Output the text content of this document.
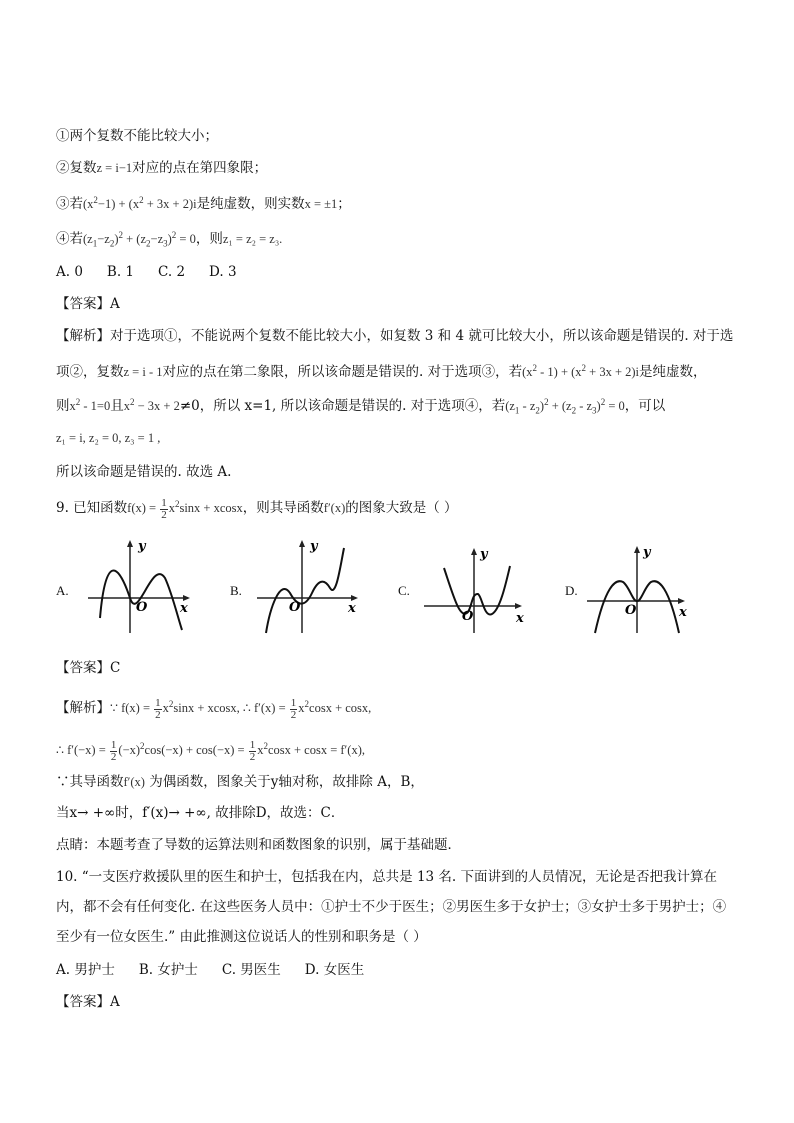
①两个复数不能比较大小；
②复数z = i−1对应的点在第四象限；
③若$(x^2-1) + (x^2 + 3x + 2)i$是纯虚数，则实数x = ±1；
④若$(z_1-z_2)^2 + (z_2-z_3)^2 = 0$，则z₁ = z₂ = z₃.
A. 0 B. 1 C. 2 D. 3
【答案】A
【解析】对于选项①，不能说两个复数不能比较大小，如复数 3 和 4 就可比较大小，所以该命题是错误的. 对于选
项②，复数z = i - 1对应的点在第二象限，所以该命题是错误的. 对于选项③，若$(x^2 - 1) + (x^2 + 3x + 2)i$是纯虚数，
则$x^2 - 1=0$且$x^2 - 3x + 2\ne 0$，所以 x=1, 所以该命题是错误的. 对于选项④，若$(z_1 - z_2)^2 + (z_2 - z_3)^2 = 0$，可以
z₁ = i, z₂ = 0, z₃ = 1 ,
所以该命题是错误的. 故选 A.
9. 已知函数$f(x) = \frac{1}{2} x^2\sin x + xcosx$，则其导函数f′(x)的图象大致是（ ）
A.	B.	C.	D.
y
x
O
y
x
O
y
x
O
y
x
O
【答案】C
【解析】∵ $f(x) = \frac{1}{2} x^2\sin x + xcosx$, ∴ $f'(x) = \frac{1}{2} x^2\cos x + \cos x$,
∴ $f'(-x) = \frac{1}{2} (-x)^2\cos(-x) + \cos(-x) = \frac{1}{2} x^2\cos x + \cos x = f'(x)$,
∵其导函数f′(x) 为偶函数，图象关于y轴对称，故排除 A，B，
当x→ +∞时，f′(x)→ +∞, 故排除D，故选：C．
点睛：本题考查了导数的运算法则和函数图象的识别，属于基础题．
10. “一支医疗救援队里的医生和护士，包括我在内，总共是 13 名. 下面讲到的人员情况，无论是否把我计算在
内，都不会有任何变化. 在这些医务人员中：①护士不少于医生；②男医生多于女护士；③女护士多于男护士；④
至少有一位女医生.” 由此推测这位说话人的性别和职务是（ ）
A. 男护士 B. 女护士 C. 男医生 D. 女医生
【答案】A
